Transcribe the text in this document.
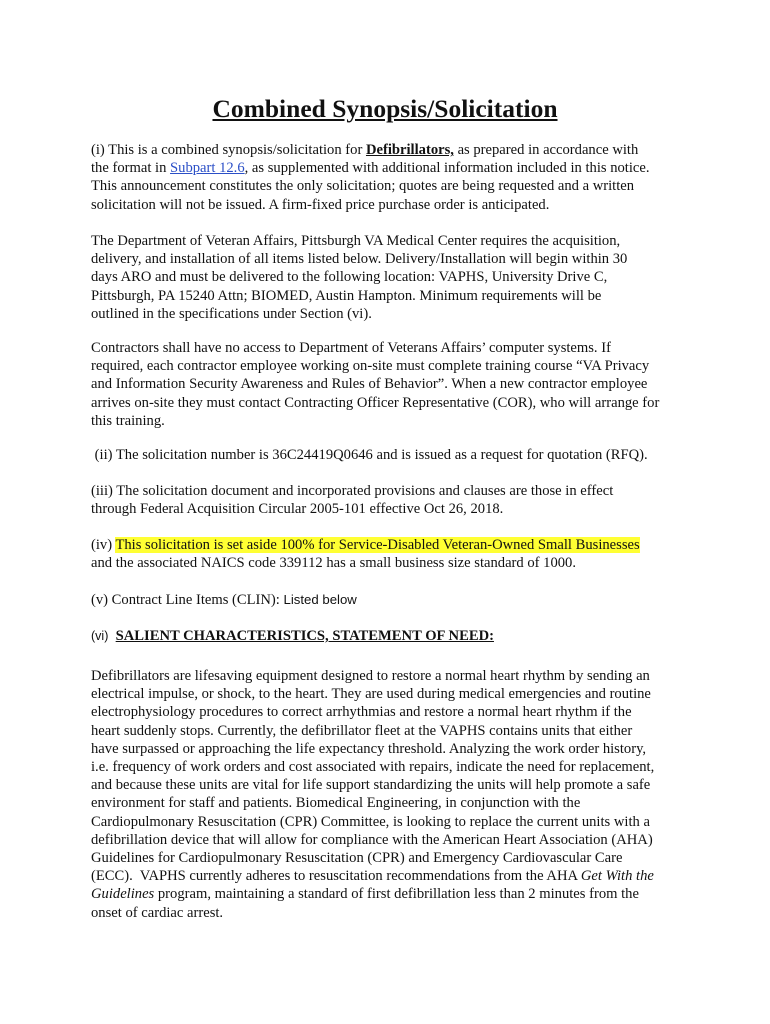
Combined Synopsis/Solicitation
(i) This is a combined synopsis/solicitation for Defibrillators, as prepared in accordance with
the format in Subpart 12.6, as supplemented with additional information included in this notice.
This announcement constitutes the only solicitation; quotes are being requested and a written
solicitation will not be issued. A firm-fixed price purchase order is anticipated.
The Department of Veteran Affairs, Pittsburgh VA Medical Center requires the acquisition,
delivery, and installation of all items listed below. Delivery/Installation will begin within 30
days ARO and must be delivered to the following location: VAPHS, University Drive C,
Pittsburgh, PA 15240 Attn; BIOMED, Austin Hampton. Minimum requirements will be
outlined in the specifications under Section (vi).
Contractors shall have no access to Department of Veterans Affairs’ computer systems. If
required, each contractor employee working on-site must complete training course “VA Privacy
and Information Security Awareness and Rules of Behavior”. When a new contractor employee
arrives on-site they must contact Contracting Officer Representative (COR), who will arrange for
this training.
(ii) The solicitation number is 36C24419Q0646 and is issued as a request for quotation (RFQ).
(iii) The solicitation document and incorporated provisions and clauses are those in effect
through Federal Acquisition Circular 2005-101 effective Oct 26, 2018.
(iv) This solicitation is set aside 100% for Service-Disabled Veteran-Owned Small Businesses
and the associated NAICS code 339112 has a small business size standard of 1000.
(v) Contract Line Items (CLIN): Listed below
(vi) SALIENT CHARACTERISTICS, STATEMENT OF NEED:
Defibrillators are lifesaving equipment designed to restore a normal heart rhythm by sending an
electrical impulse, or shock, to the heart. They are used during medical emergencies and routine
electrophysiology procedures to correct arrhythmias and restore a normal heart rhythm if the
heart suddenly stops. Currently, the defibrillator fleet at the VAPHS contains units that either
have surpassed or approaching the life expectancy threshold. Analyzing the work order history,
i.e. frequency of work orders and cost associated with repairs, indicate the need for replacement,
and because these units are vital for life support standardizing the units will help promote a safe
environment for staff and patients. Biomedical Engineering, in conjunction with the
Cardiopulmonary Resuscitation (CPR) Committee, is looking to replace the current units with a
defibrillation device that will allow for compliance with the American Heart Association (AHA)
Guidelines for Cardiopulmonary Resuscitation (CPR) and Emergency Cardiovascular Care
(ECC).  VAPHS currently adheres to resuscitation recommendations from the AHA Get With the
Guidelines program, maintaining a standard of first defibrillation less than 2 minutes from the
onset of cardiac arrest.
